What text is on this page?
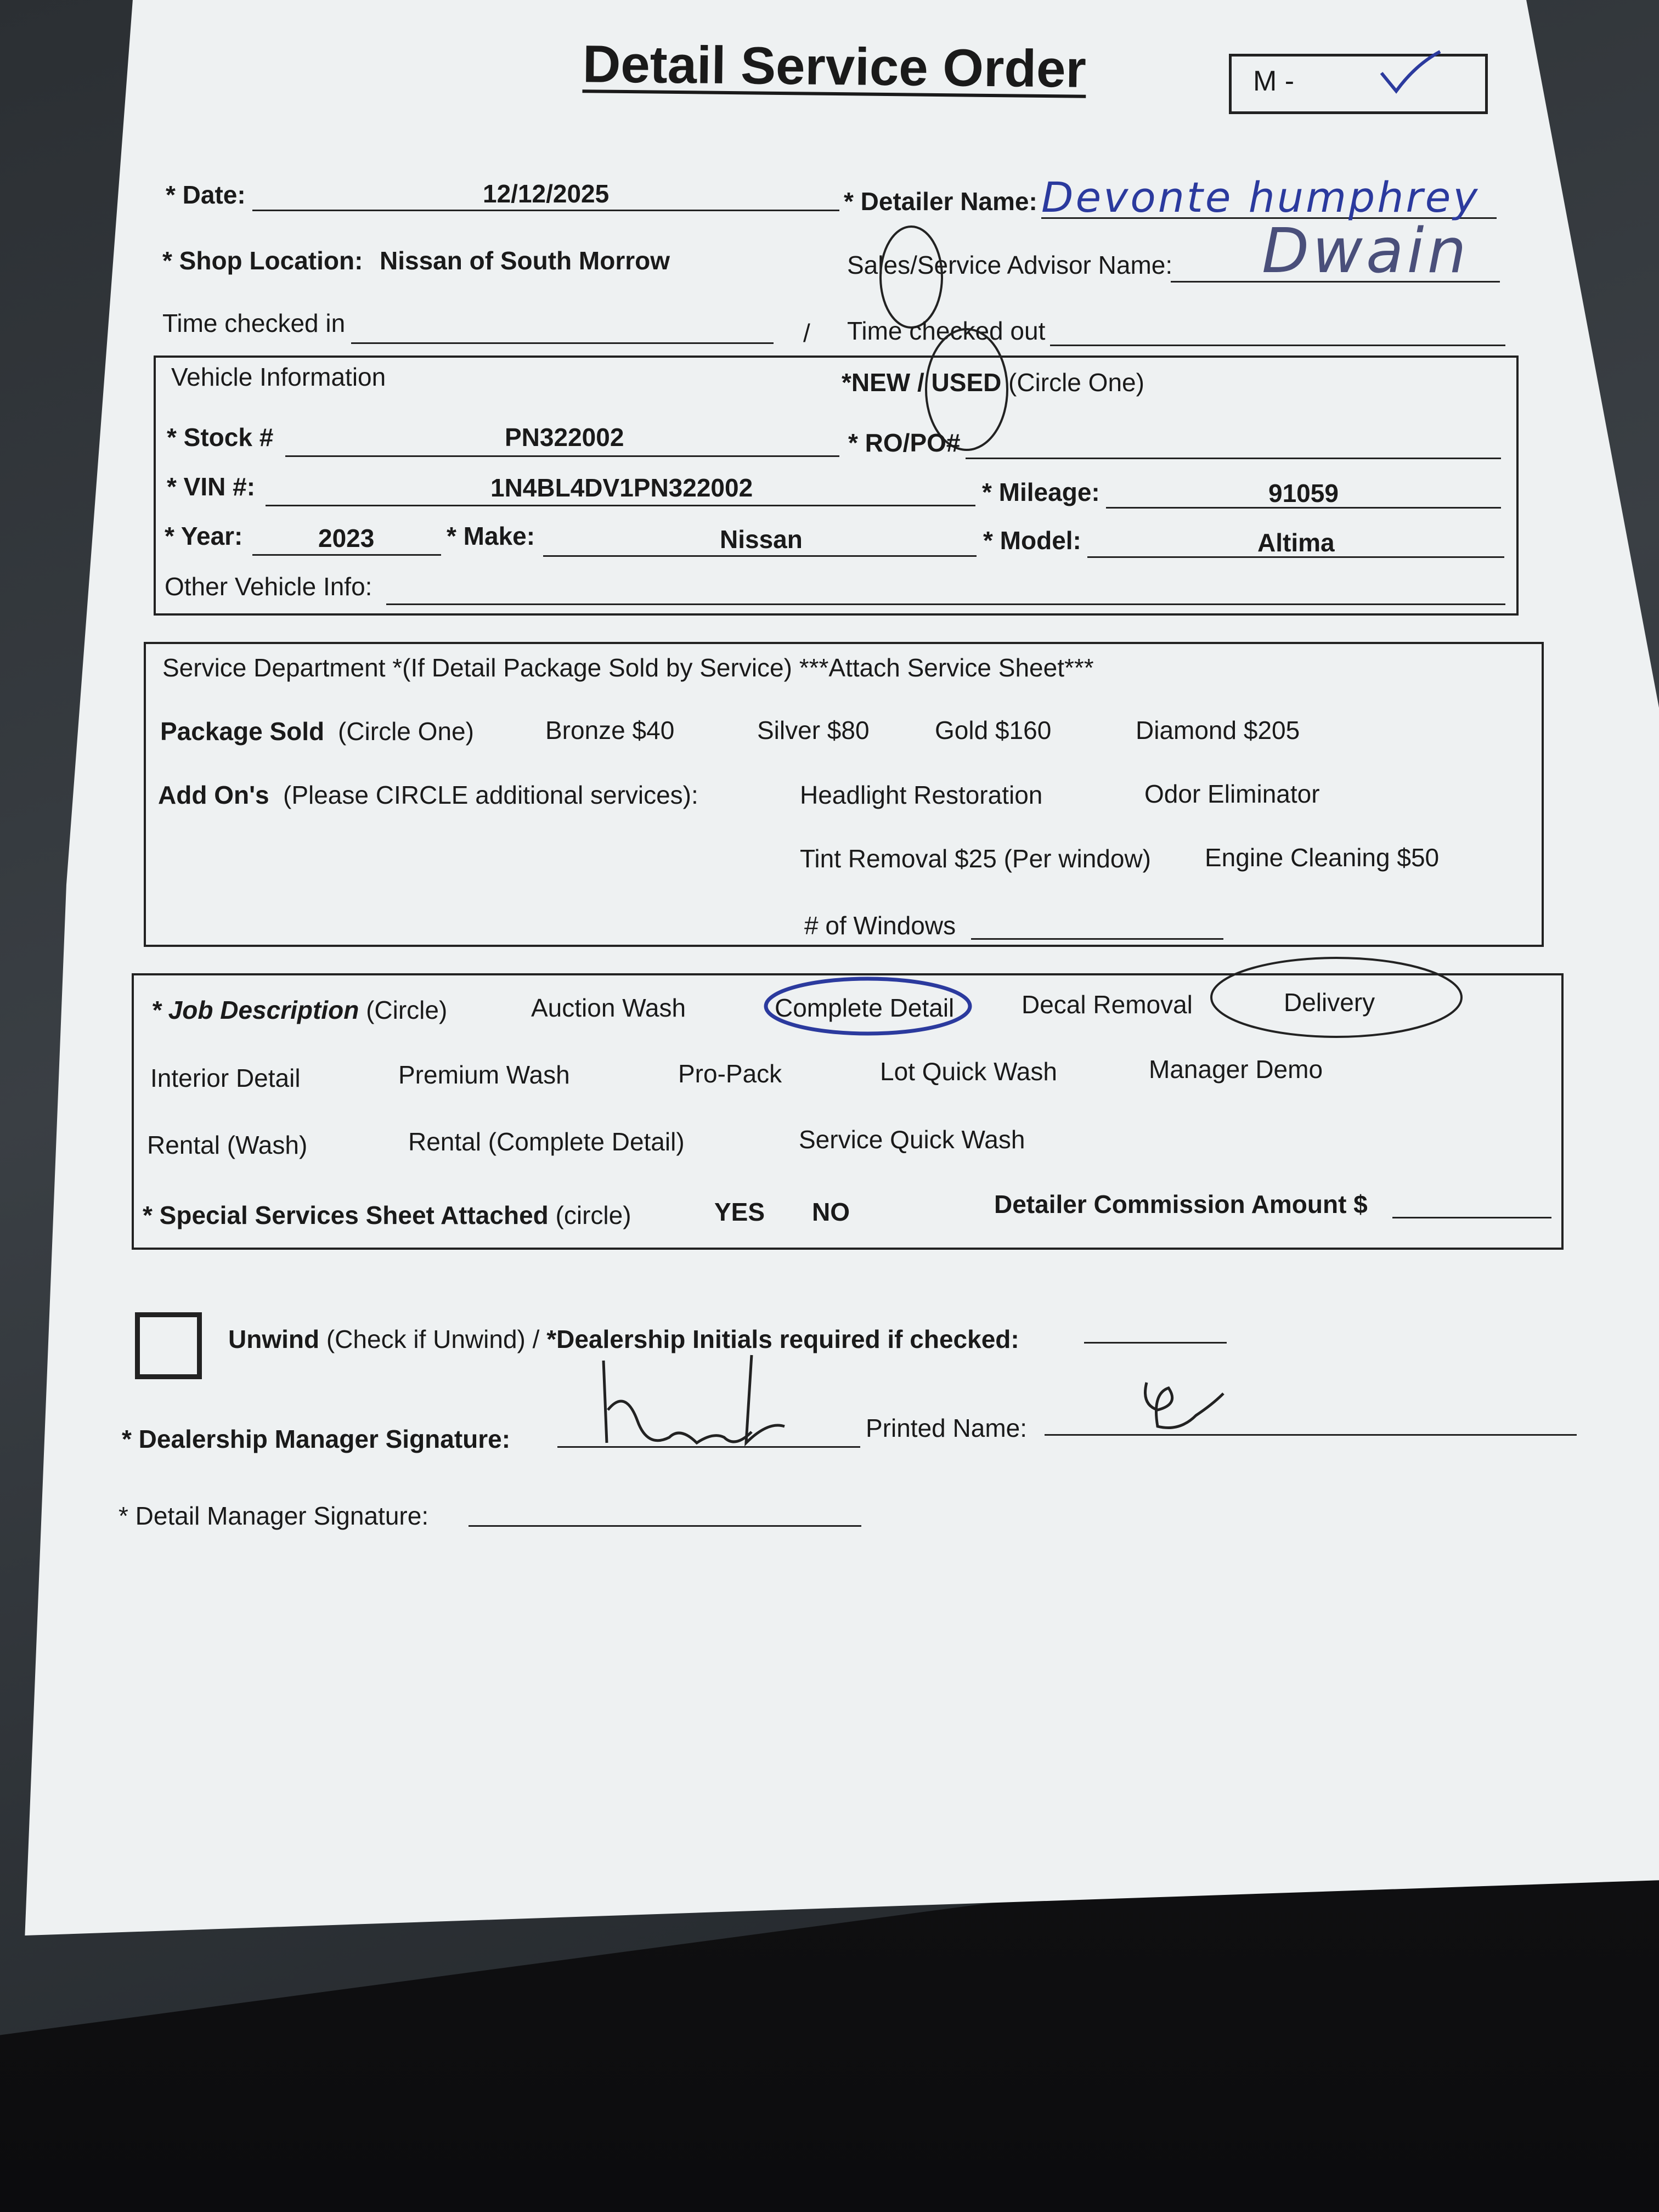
Detail Service Order	M -
* Date:	12/12/2025	* Detailer Name: Devonte humphrey
* Shop Location: Nissan of South Morrow	Sales/Service Advisor Name: Dwain
Time checked in	/ Time checked out
Vehicle Information	*NEW / USED (Circle One)
* Stock #	PN322002	* RO/PO#
* VIN #:	1N4BL4DV1PN322002	* Mileage:	91059
* Year:	2023	* Make:	Nissan	* Model:	Altima
Other Vehicle Info:
Service Department *(If Detail Package Sold by Service) ***Attach Service Sheet***
Package Sold (Circle One)	Bronze $40	Silver $80	Gold $160	Diamond $205
Add On's (Please CIRCLE additional services):	Headlight Restoration	Odor Eliminator
Tint Removal $25 (Per window) Engine Cleaning $50
# of Windows
* Job Description (Circle)	Auction Wash	Complete Detail	Decal Removal	Delivery
Interior Detail	Premium Wash	Pro-Pack	Lot Quick Wash	Manager Demo
Rental (Wash)	Rental (Complete Detail)	Service Quick Wash
* Special Services Sheet Attached (circle)	YES NO	Detailer Commission Amount $
Unwind (Check if Unwind) / *Dealership Initials required if checked:
* Dealership Manager Signature:	Printed Name:
* Detail Manager Signature:
